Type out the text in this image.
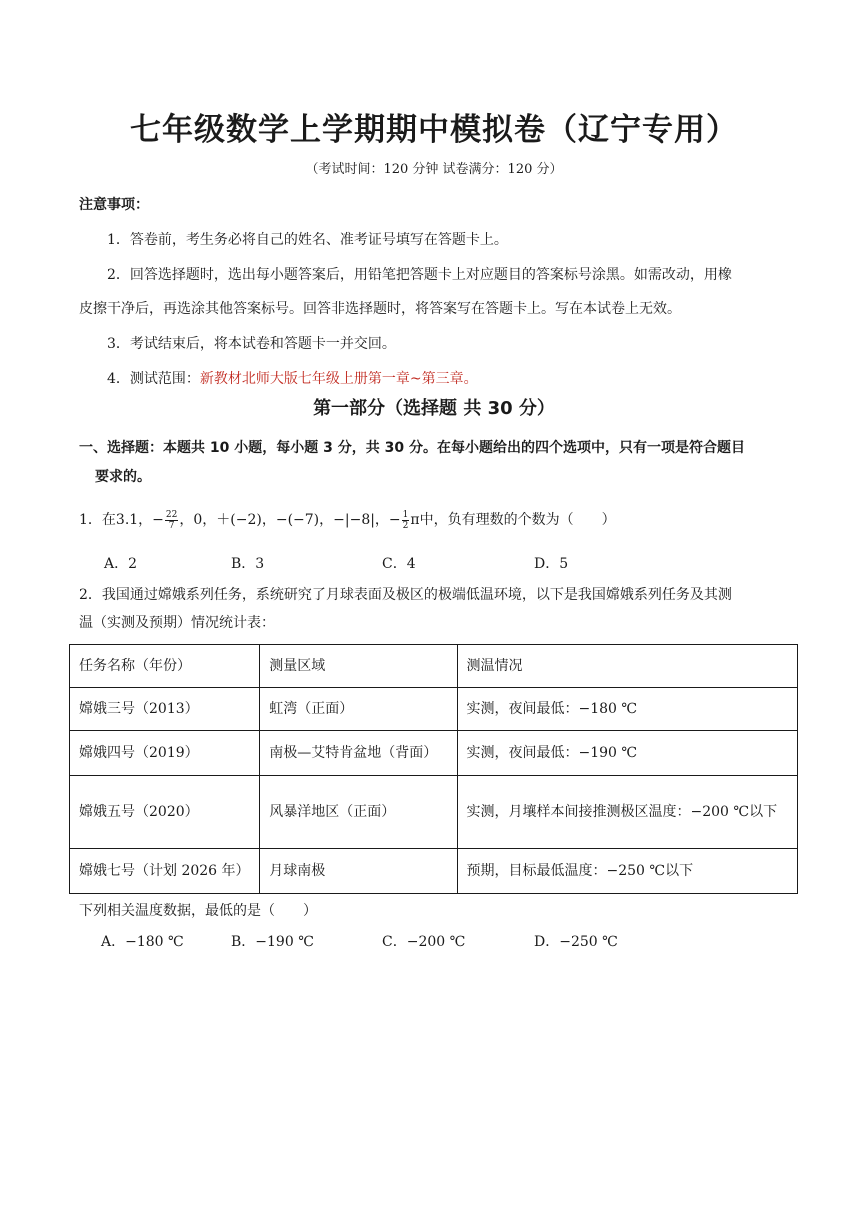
七年级数学上学期期中模拟卷（辽宁专用）
（考试时间：120 分钟 试卷满分：120 分）
注意事项：
1．答卷前，考生务必将自己的姓名、准考证号填写在答题卡上。
2．回答选择题时，选出每小题答案后，用铅笔把答题卡上对应题目的答案标号涂黑。如需改动，用橡
皮擦干净后，再选涂其他答案标号。回答非选择题时，将答案写在答题卡上。写在本试卷上无效。
3．考试结束后，将本试卷和答题卡一并交回。
4．测试范围：新教材北师大版七年级上册第一章~第三章。
第一部分（选择题 共 30 分）
一、选择题：本题共 10 小题，每小题 3 分，共 30 分。在每小题给出的四个选项中，只有一项是符合题目
要求的。
1．在3.1，− $\frac{22}{7}$ ，0，＋(−2)，−(−7)，−|−8|，− $\frac{1}{2}$ π中，负有理数的个数为（　　）
A．2	B．3	C．4	D．5
2．我国通过嫦娥系列任务，系统研究了月球表面及极区的极端低温环境，以下是我国嫦娥系列任务及其测
温（实测及预期）情况统计表：
任务名称（年份）	测量区域	测温情况
嫦娥三号（2013）	虹湾（正面）	实测，夜间最低：−180 ℃
嫦娥四号（2019）	南极—艾特肯盆地（背面）	实测，夜间最低：−190 ℃
嫦娥五号（2020）	风暴洋地区（正面）	实测，月壤样本间接推测极区温度：−200 ℃以下
嫦娥七号（计划 2026 年）	月球南极	预期，目标最低温度：−250 ℃以下
下列相关温度数据，最低的是（　　）
A．−180 ℃	B．−190 ℃	C．−200 ℃	D．−250 ℃
